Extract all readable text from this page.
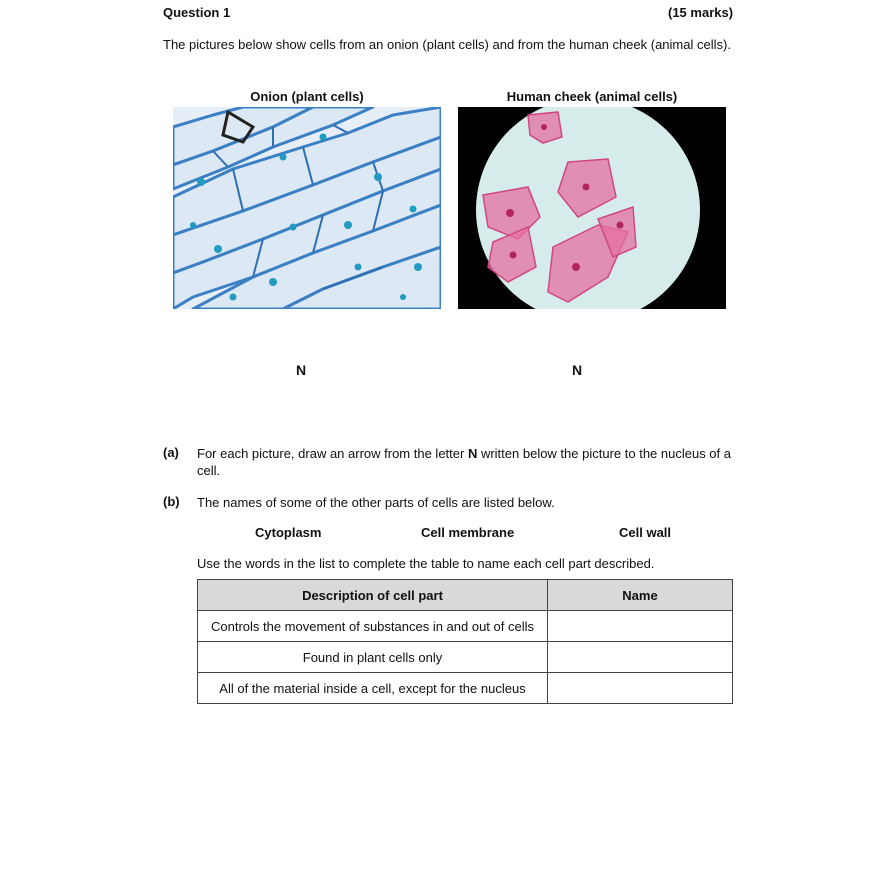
Question 1	(15 marks)
The pictures below show cells from an onion (plant cells) and from the human cheek (animal cells).
Onion (plant cells)	Human cheek (animal cells)
N	N
(a) For each picture, draw an arrow from the letter N written below the picture to the nucleus of a cell.
(b) The names of some of the other parts of cells are listed below.
Cytoplasm	Cell membrane	Cell wall
Use the words in the list to complete the table to name each cell part described.
Description of cell part	Name
Controls the movement of substances in and out of cells	
Found in plant cells only	
All of the material inside a cell, except for the nucleus	
